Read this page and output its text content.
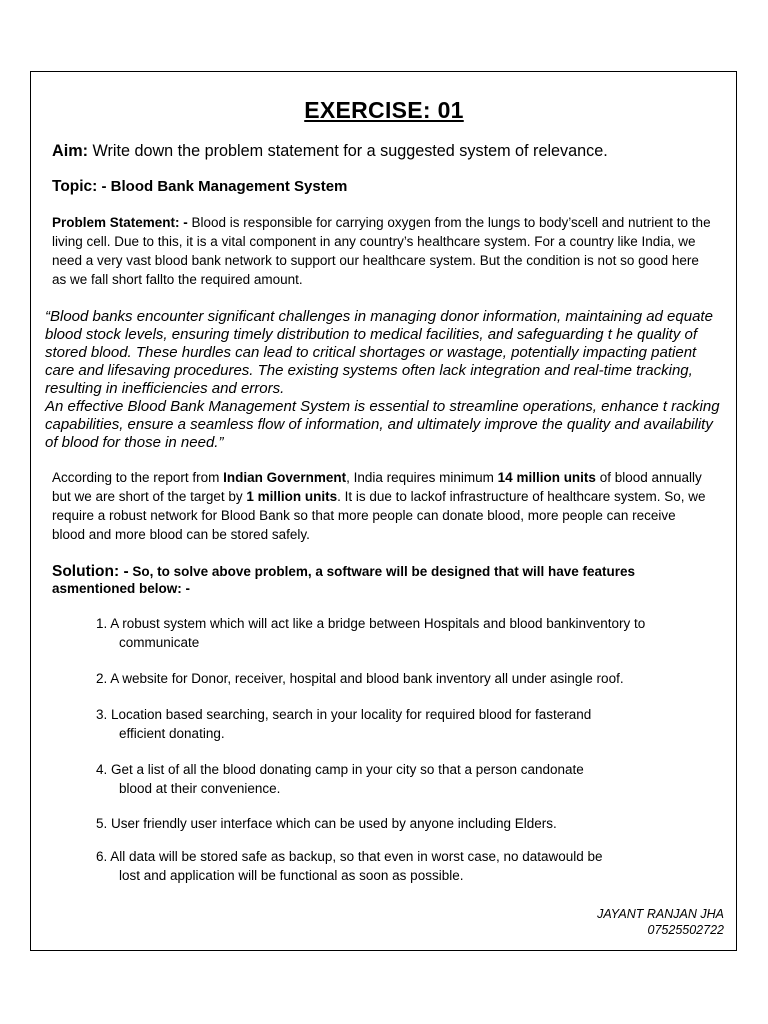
EXERCISE: 01
Aim: Write down the problem statement for a suggested system of relevance.
Topic: - Blood Bank Management System
Problem Statement: - Blood is responsible for carrying oxygen from the lungs to body’scell and nutrient to the living cell. Due to this, it is a vital component in any country’s healthcare system. For a country like India, we need a very vast blood bank network to support our healthcare system. But the condition is not so good here as we fall short fallto the required amount.

“Blood banks encounter significant challenges in managing donor information, maintaining ad equate blood stock levels, ensuring timely distribution to medical facilities, and safeguarding t he quality of stored blood. These hurdles can lead to critical shortages or wastage, potentially impacting patient care and lifesaving procedures. The existing systems often lack integration and real-time tracking, resulting in inefficiencies and errors.

An effective Blood Bank Management System is essential to streamline operations, enhance t racking capabilities, ensure a seamless flow of information, and ultimately improve the quality and availability of blood for those in need.”

According to the report from Indian Government, India requires minimum 14 million units of blood annually but we are short of the target by 1 million units. It is due to lackof infrastructure of healthcare system. So, we require a robust network for Blood Bank so that more people can donate blood, more people can receive blood and more blood can be stored safely.
Solution: - So, to solve above problem, a software will be designed that will have features asmentioned below: -
1. A robust system which will act like a bridge between Hospitals and blood bankinventory to
communicate
2. A website for Donor, receiver, hospital and blood bank inventory all under asingle roof.
3. Location based searching, search in your locality for required blood for fasterand
efficient donating.
4. Get a list of all the blood donating camp in your city so that a person candonate
blood at their convenience.
5. User friendly user interface which can be used by anyone including Elders.
6. All data will be stored safe as backup, so that even in worst case, no datawould be
lost and application will be functional as soon as possible.
JAYANT RANJAN JHA
07525502722
